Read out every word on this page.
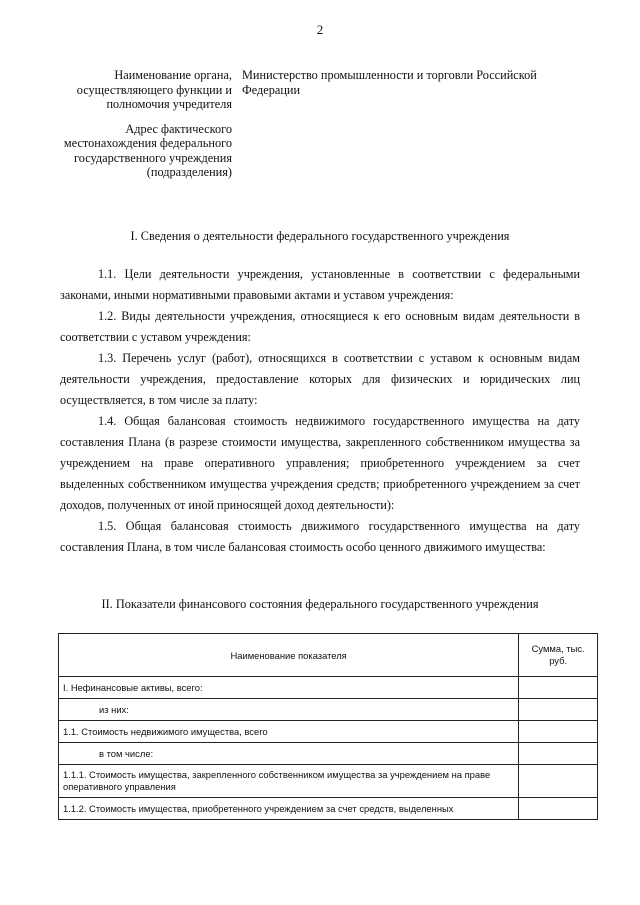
2
Наименование органа, осуществляющего функции и полномочия учредителя
Министерство промышленности и торговли Российской Федерации
Адрес фактического местонахождения федерального государственного учреждения (подразделения)
I. Сведения о деятельности федерального государственного учреждения

1.1. Цели деятельности учреждения, установленные в соответствии с федеральными законами, иными нормативными правовыми актами и уставом учреждения:

1.2. Виды деятельности учреждения, относящиеся к его основным видам деятельности в соответствии с уставом учреждения:

1.3. Перечень услуг (работ), относящихся в соответствии с уставом к основным видам деятельности учреждения, предоставление которых для физических и юридических лиц осуществляется, в том числе за плату:

1.4. Общая балансовая стоимость недвижимого государственного имущества на дату составления Плана (в разрезе стоимости имущества, закрепленного собственником имущества за учреждением на праве оперативного управления; приобретенного учреждением за счет выделенных собственником имущества учреждения средств; приобретенного учреждением за счет доходов, полученных от иной приносящей доход деятельности):

1.5. Общая балансовая стоимость движимого государственного имущества на дату составления Плана, в том числе балансовая стоимость особо ценного движимого имущества:

II. Показатели финансового состояния федерального государственного учреждения
Наименование показателя	Сумма, тыс. руб.
I. Нефинансовые активы, всего:	
из них:	
1.1. Стоимость недвижимого имущества, всего	
в том числе:	
1.1.1. Стоимость имущества, закрепленного собственником имущества за учреждением на праве оперативного управления	
1.1.2. Стоимость имущества, приобретенного учреждением за счет средств, выделенных	
